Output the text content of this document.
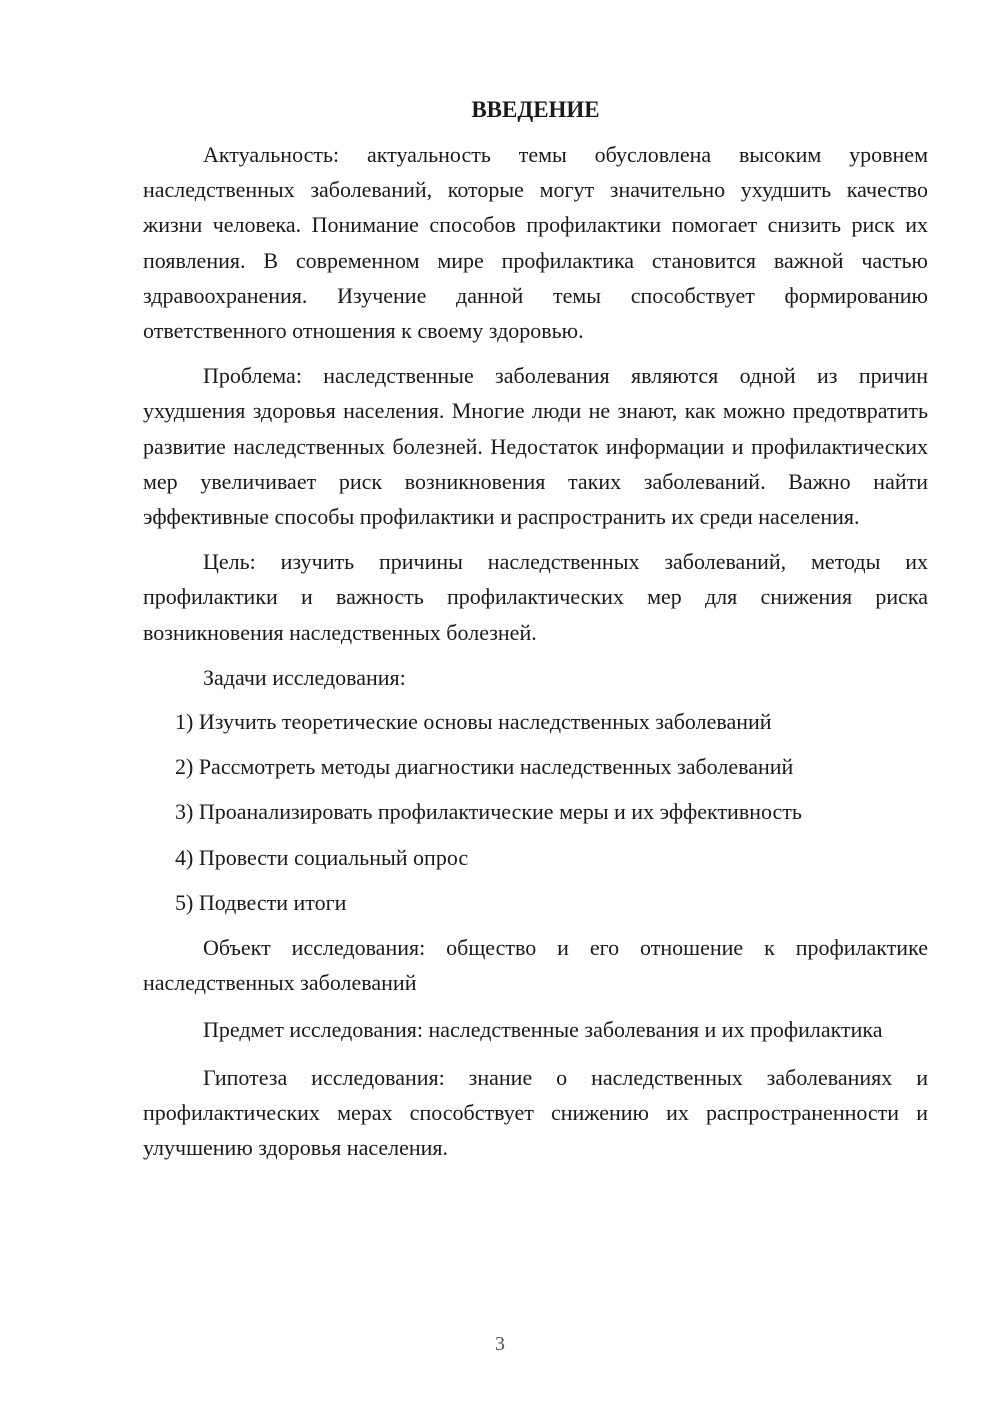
ВВЕДЕНИЕ

Актуальность: актуальность темы обусловлена высоким уровнем наследственных заболеваний, которые могут значительно ухудшить качество жизни человека. Понимание способов профилактики помогает снизить риск их появления. В современном мире профилактика становится важной частью здравоохранения. Изучение данной темы способствует формированию ответственного отношения к своему здоровью.

Проблема: наследственные заболевания являются одной из причин ухудшения здоровья населения. Многие люди не знают, как можно предотвратить развитие наследственных болезней. Недостаток информации и профилактических мер увеличивает риск возникновения таких заболеваний. Важно найти эффективные способы профилактики и распространить их среди населения.

Цель: изучить причины наследственных заболеваний, методы их профилактики и важность профилактических мер для снижения риска возникновения наследственных болезней.

Задачи исследования:
1) Изучить теоретические основы наследственных заболеваний
2) Рассмотреть методы диагностики наследственных заболеваний
3) Проанализировать профилактические меры и их эффективность
4) Провести социальный опрос
5) Подвести итоги

Объект исследования: общество и его отношение к профилактике наследственных заболеваний

Предмет исследования: наследственные заболевания и их профилактика

Гипотеза исследования: знание о наследственных заболеваниях и профилактических мерах способствует снижению их распространенности и улучшению здоровья населения.

3
